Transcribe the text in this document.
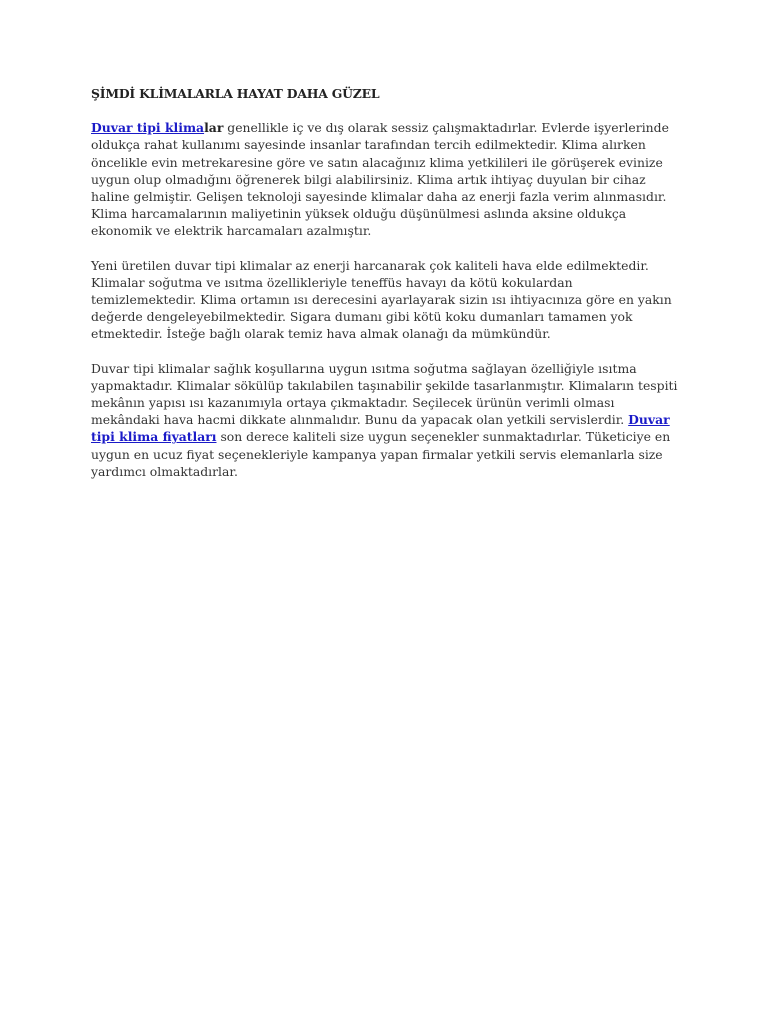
ŞİMDİ KLİMALARLA HAYAT DAHA GÜZEL

Duvar tipi klimalar genellikle iç ve dış olarak sessiz çalışmaktadırlar. Evlerde işyerlerinde oldukça rahat kullanımı sayesinde insanlar tarafından tercih edilmektedir. Klima alırken öncelikle evin metrekaresine göre ve satın alacağınız klima yetkilileri ile görüşerek evinize uygun olup olmadığını öğrenerek bilgi alabilirsiniz. Klima artık ihtiyaç duyulan bir cihaz haline gelmiştir. Gelişen teknoloji sayesinde klimalar daha az enerji fazla verim alınmasıdır. Klima harcamalarının maliyetinin yüksek olduğu düşünülmesi aslında aksine oldukça ekonomik ve elektrik harcamaları azalmıştır.

Yeni üretilen duvar tipi klimalar az enerji harcanarak çok kaliteli hava elde edilmektedir. Klimalar soğutma ve ısıtma özellikleriyle teneffüs havayı da kötü kokulardan temizlemektedir. Klima ortamın ısı derecesini ayarlayarak sizin ısı ihtiyacınıza göre en yakın değerde dengeleyebilmektedir. Sigara dumanı gibi kötü koku dumanları tamamen yok etmektedir. İsteğe bağlı olarak temiz hava almak olanağı da mümkündür.

Duvar tipi klimalar sağlık koşullarına uygun ısıtma soğutma sağlayan özelliğiyle ısıtma yapmaktadır. Klimalar sökülüp takılabilen taşınabilir şekilde tasarlanmıştır. Klimaların tespiti mekânın yapısı ısı kazanımıyla ortaya çıkmaktadır. Seçilecek ürünün verimli olması mekândaki hava hacmi dikkate alınmalıdır. Bunu da yapacak olan yetkili servislerdir. Duvar tipi klima fiyatları son derece kaliteli size uygun seçenekler sunmaktadırlar. Tüketiciye en uygun en ucuz fiyat seçenekleriyle kampanya yapan firmalar yetkili servis elemanlarla size yardımcı olmaktadırlar.
